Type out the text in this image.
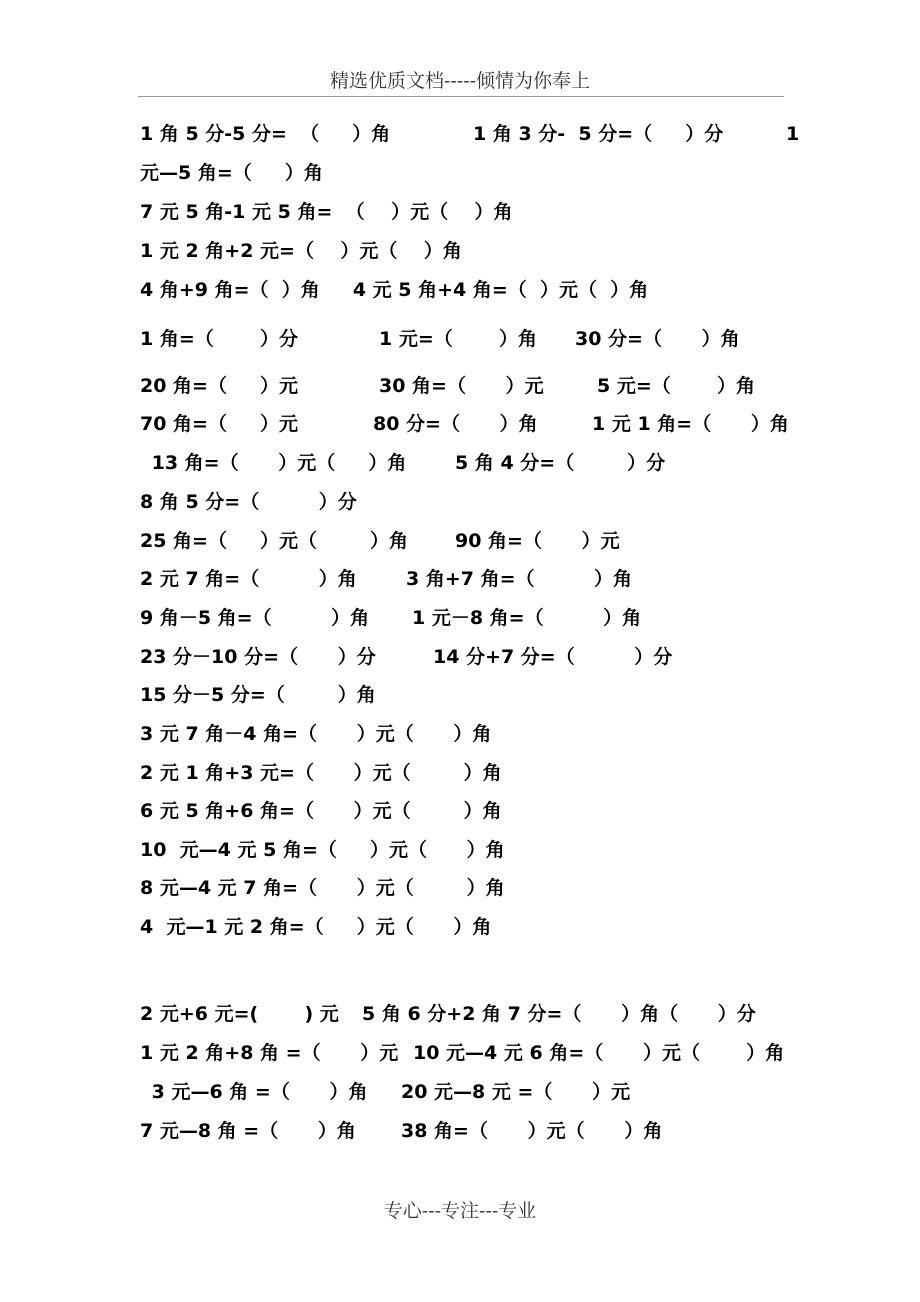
精选优质文档-----倾情为你奉上
1 角 5 分-5 分=  （     ）角	1 角 3 分-  5 分=（     ）分	1
元—5 角=（     ）角
7 元 5 角-1 元 5 角=  （    ）元（    ）角
1 元 2 角+2 元=（    ）元（    ）角
4 角+9 角=（  ）角     4 元 5 角+4 角=（  ）元（  ）角
1 角=（       ）分	1 元=（       ）角 30 分=（      ）角
20 角=（     ）元	30 角=（      ）元	5 元=（       ）角
70 角=（     ）元	80 分=（      ）角	1 元 1 角=（      ）角
13 角=（      ）元（     ）角	5 角 4 分=（        ）分
8 角 5 分=（         ）分
25 角=（     ）元（        ）角 90 角=（      ）元
2 元 7 角=（         ）角	3 角+7 角=（         ）角
9 角－5 角=（         ）角 1 元－8 角=（         ）角
23 分－10 分=（      ）分	14 分+7 分=（         ）分
15 分－5 分=（        ）角
3 元 7 角－4 角=（      ）元（      ）角
2 元 1 角+3 元=（      ）元（        ）角
6 元 5 角+6 角=（      ）元（        ）角
10  元—4 元 5 角=（     ）元（      ）角
8 元—4 元 7 角=（      ）元（        ）角
4  元—1 元 2 角=（     ）元（      ）角
2 元+6 元=(       ) 元 5 角 6 分+2 角 7 分=（      ）角（      ）分
1 元 2 角+8 角 =（      ）元 10 元—4 元 6 角=（      ）元（       ）角
3 元—6 角 =（      ）角 20 元—8 元 =（      ）元
7 元—8 角 =（      ）角 38 角=（      ）元（      ）角
专心---专注---专业
